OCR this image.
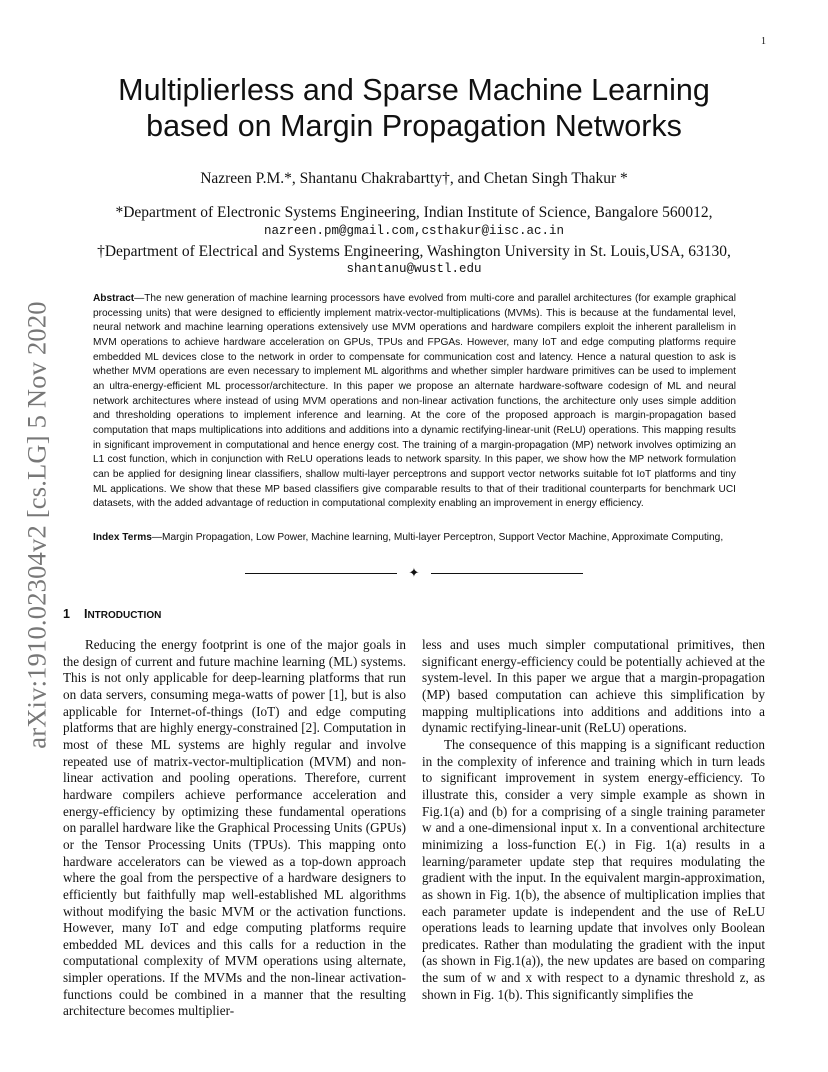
1
arXiv:1910.02304v2 [cs.LG] 5 Nov 2020
Multiplierless and Sparse Machine Learning
based on Margin Propagation Networks
Nazreen P.M.*, Shantanu Chakrabartty†, and Chetan Singh Thakur *
*Department of Electronic Systems Engineering, Indian Institute of Science, Bangalore 560012,
nazreen.pm@gmail.com,csthakur@iisc.ac.in
†Department of Electrical and Systems Engineering, Washington University in St. Louis,USA, 63130,
shantanu@wustl.edu

Abstract—The new generation of machine learning processors have evolved from multi-core and parallel architectures (for example graphical processing units) that were designed to efficiently implement matrix-vector-multiplications (MVMs). This is because at the fundamental level, neural network and machine learning operations extensively use MVM operations and hardware compilers exploit the inherent parallelism in MVM operations to achieve hardware acceleration on GPUs, TPUs and FPGAs. However, many IoT and edge computing platforms require embedded ML devices close to the network in order to compensate for communication cost and latency. Hence a natural question to ask is whether MVM operations are even necessary to implement ML algorithms and whether simpler hardware primitives can be used to implement an ultra-energy-efficient ML processor/architecture. In this paper we propose an alternate hardware-software codesign of ML and neural network architectures where instead of using MVM operations and non-linear activation functions, the architecture only uses simple addition and thresholding operations to implement inference and learning. At the core of the proposed approach is margin-propagation based computation that maps multiplications into additions and additions into a dynamic rectifying-linear-unit (ReLU) operations. This mapping results in significant improvement in computational and hence energy cost. The training of a margin-propagation (MP) network involves optimizing an L1 cost function, which in conjunction with ReLU operations leads to network sparsity. In this paper, we show how the MP network formulation can be applied for designing linear classifiers, shallow multi-layer perceptrons and support vector networks suitable fot IoT platforms and tiny ML applications. We show that these MP based classifiers give comparable results to that of their traditional counterparts for benchmark UCI datasets, with the added advantage of reduction in computational complexity enabling an improvement in energy efficiency.

Index Terms—Margin Propagation, Low Power, Machine learning, Multi-layer Perceptron, Support Vector Machine, Approximate Computing,

✦
1 INTRODUCTION

Reducing the energy footprint is one of the major goals in the design of current and future machine learning (ML) systems. This is not only applicable for deep-learning platforms that run on data servers, consuming mega-watts of power [1], but is also applicable for Internet-of-things (IoT) and edge computing platforms that are highly energy-constrained [2]. Computation in most of these ML systems are highly regular and involve repeated use of matrix-vector-multiplication (MVM) and non-linear activation and pooling operations. Therefore, current hardware compilers achieve performance acceleration and energy-efficiency by optimizing these fundamental operations on parallel hardware like the Graphical Processing Units (GPUs) or the Tensor Processing Units (TPUs). This mapping onto hardware accelerators can be viewed as a top-down approach where the goal from the perspective of a hardware designers to efficiently but faithfully map well-established ML algorithms without modifying the basic MVM or the activation functions. However, many IoT and edge computing platforms require embedded ML devices and this calls for a reduction in the computational complexity of MVM operations using alternate, simpler operations. If the MVMs and the non-linear activation-functions could be combined in a manner that the resulting architecture becomes multiplier-

less and uses much simpler computational primitives, then significant energy-efficiency could be potentially achieved at the system-level. In this paper we argue that a margin-propagation (MP) based computation can achieve this simplification by mapping multiplications into additions and additions into a dynamic rectifying-linear-unit (ReLU) operations.

The consequence of this mapping is a significant reduction in the complexity of inference and training which in turn leads to significant improvement in system energy-efficiency. To illustrate this, consider a very simple example as shown in Fig.1(a) and (b) for a comprising of a single training parameter w and a one-dimensional input x. In a conventional architecture minimizing a loss-function E(.) in Fig. 1(a) results in a learning/parameter update step that requires modulating the gradient with the input. In the equivalent margin-approximation, as shown in Fig. 1(b), the absence of multiplication implies that each parameter update is independent and the use of ReLU operations leads to learning update that involves only Boolean predicates. Rather than modulating the gradient with the input (as shown in Fig.1(a)), the new updates are based on comparing the sum of w and x with respect to a dynamic threshold z, as shown in Fig. 1(b). This significantly simplifies the
